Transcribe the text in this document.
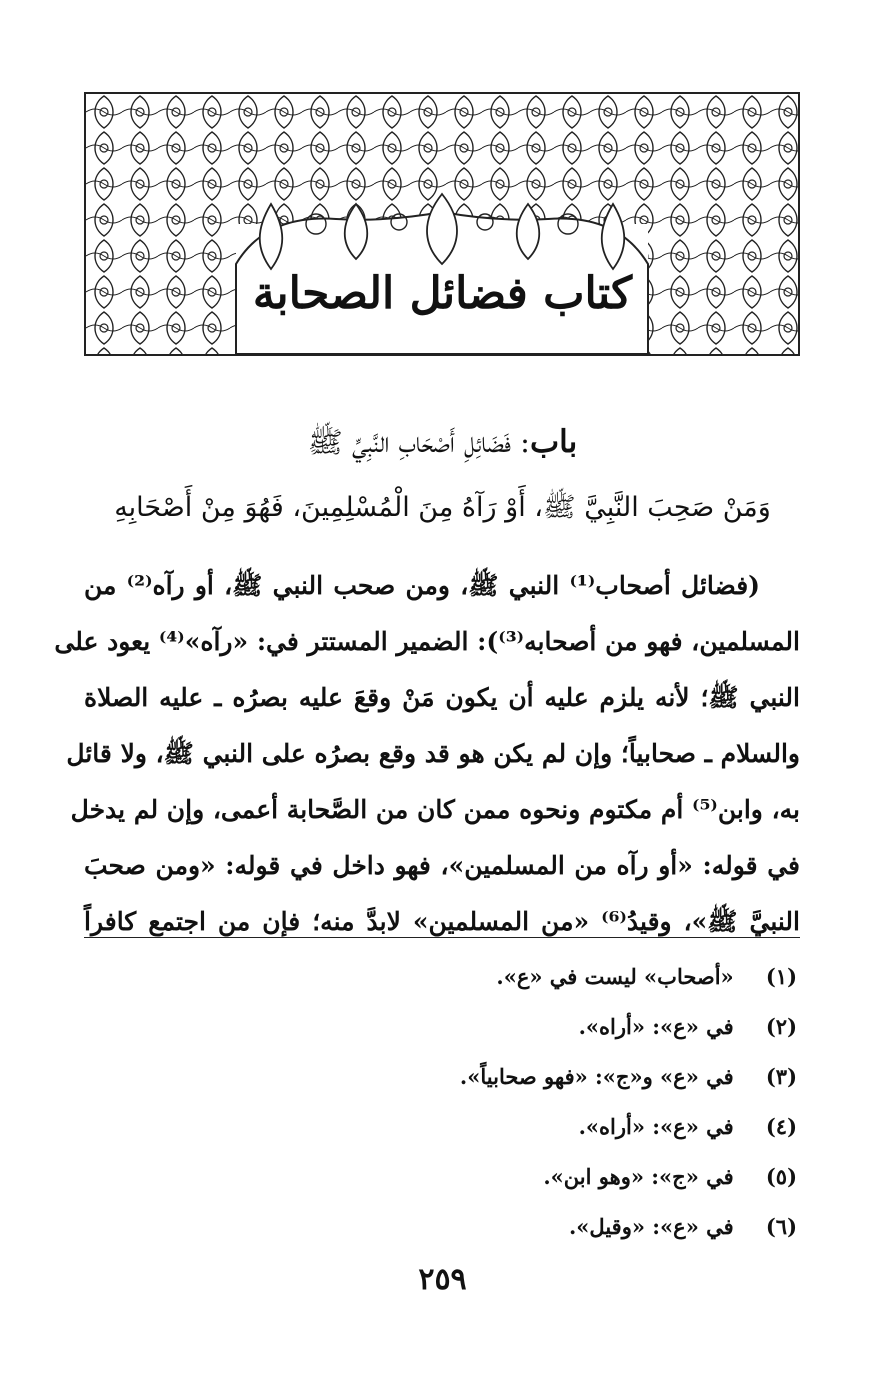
كتاب فضائل الصحابة
باب: فَضَائِلِ أَصْحَابِ النَّبِيِّ ﷺ
وَمَنْ صَحِبَ النَّبِيَّ ﷺ، أَوْ رَآهُ مِنَ الْمُسْلِمِينَ، فَهُوَ مِنْ أَصْحَابِهِ
(فضائل أصحاب⁽¹⁾ النبي ﷺ، ومن صحب النبي ﷺ، أو رآه⁽²⁾ من
المسلمين، فهو من أصحابه⁽³⁾): الضمير المستتر في: «رآه»⁽⁴⁾ يعود على
النبي ﷺ؛ لأنه يلزم عليه أن يكون مَنْ وقعَ عليه بصرُه ـ عليه الصلاة
والسلام ـ صحابياً؛ وإن لم يكن هو قد وقع بصرُه على النبي ﷺ، ولا قائل
به، وابن⁽⁵⁾ أم مكتوم ونحوه ممن كان من الصَّحابة أعمى، وإن لم يدخل
في قوله: «أو رآه من المسلمين»، فهو داخل في قوله: «ومن صحبَ
النبيَّ ﷺ»، وقيدُ⁽⁶⁾ «من المسلمين» لابدَّ منه؛ فإن من اجتمع كافراً
(١) «أصحاب» ليست في «ع».
(٢) في «ع»: «أراه».
(٣) في «ع» و«ج»: «فهو صحابياً».
(٤) في «ع»: «أراه».
(٥) في «ج»: «وهو ابن».
(٦) في «ع»: «وقيل».
٢٥٩
